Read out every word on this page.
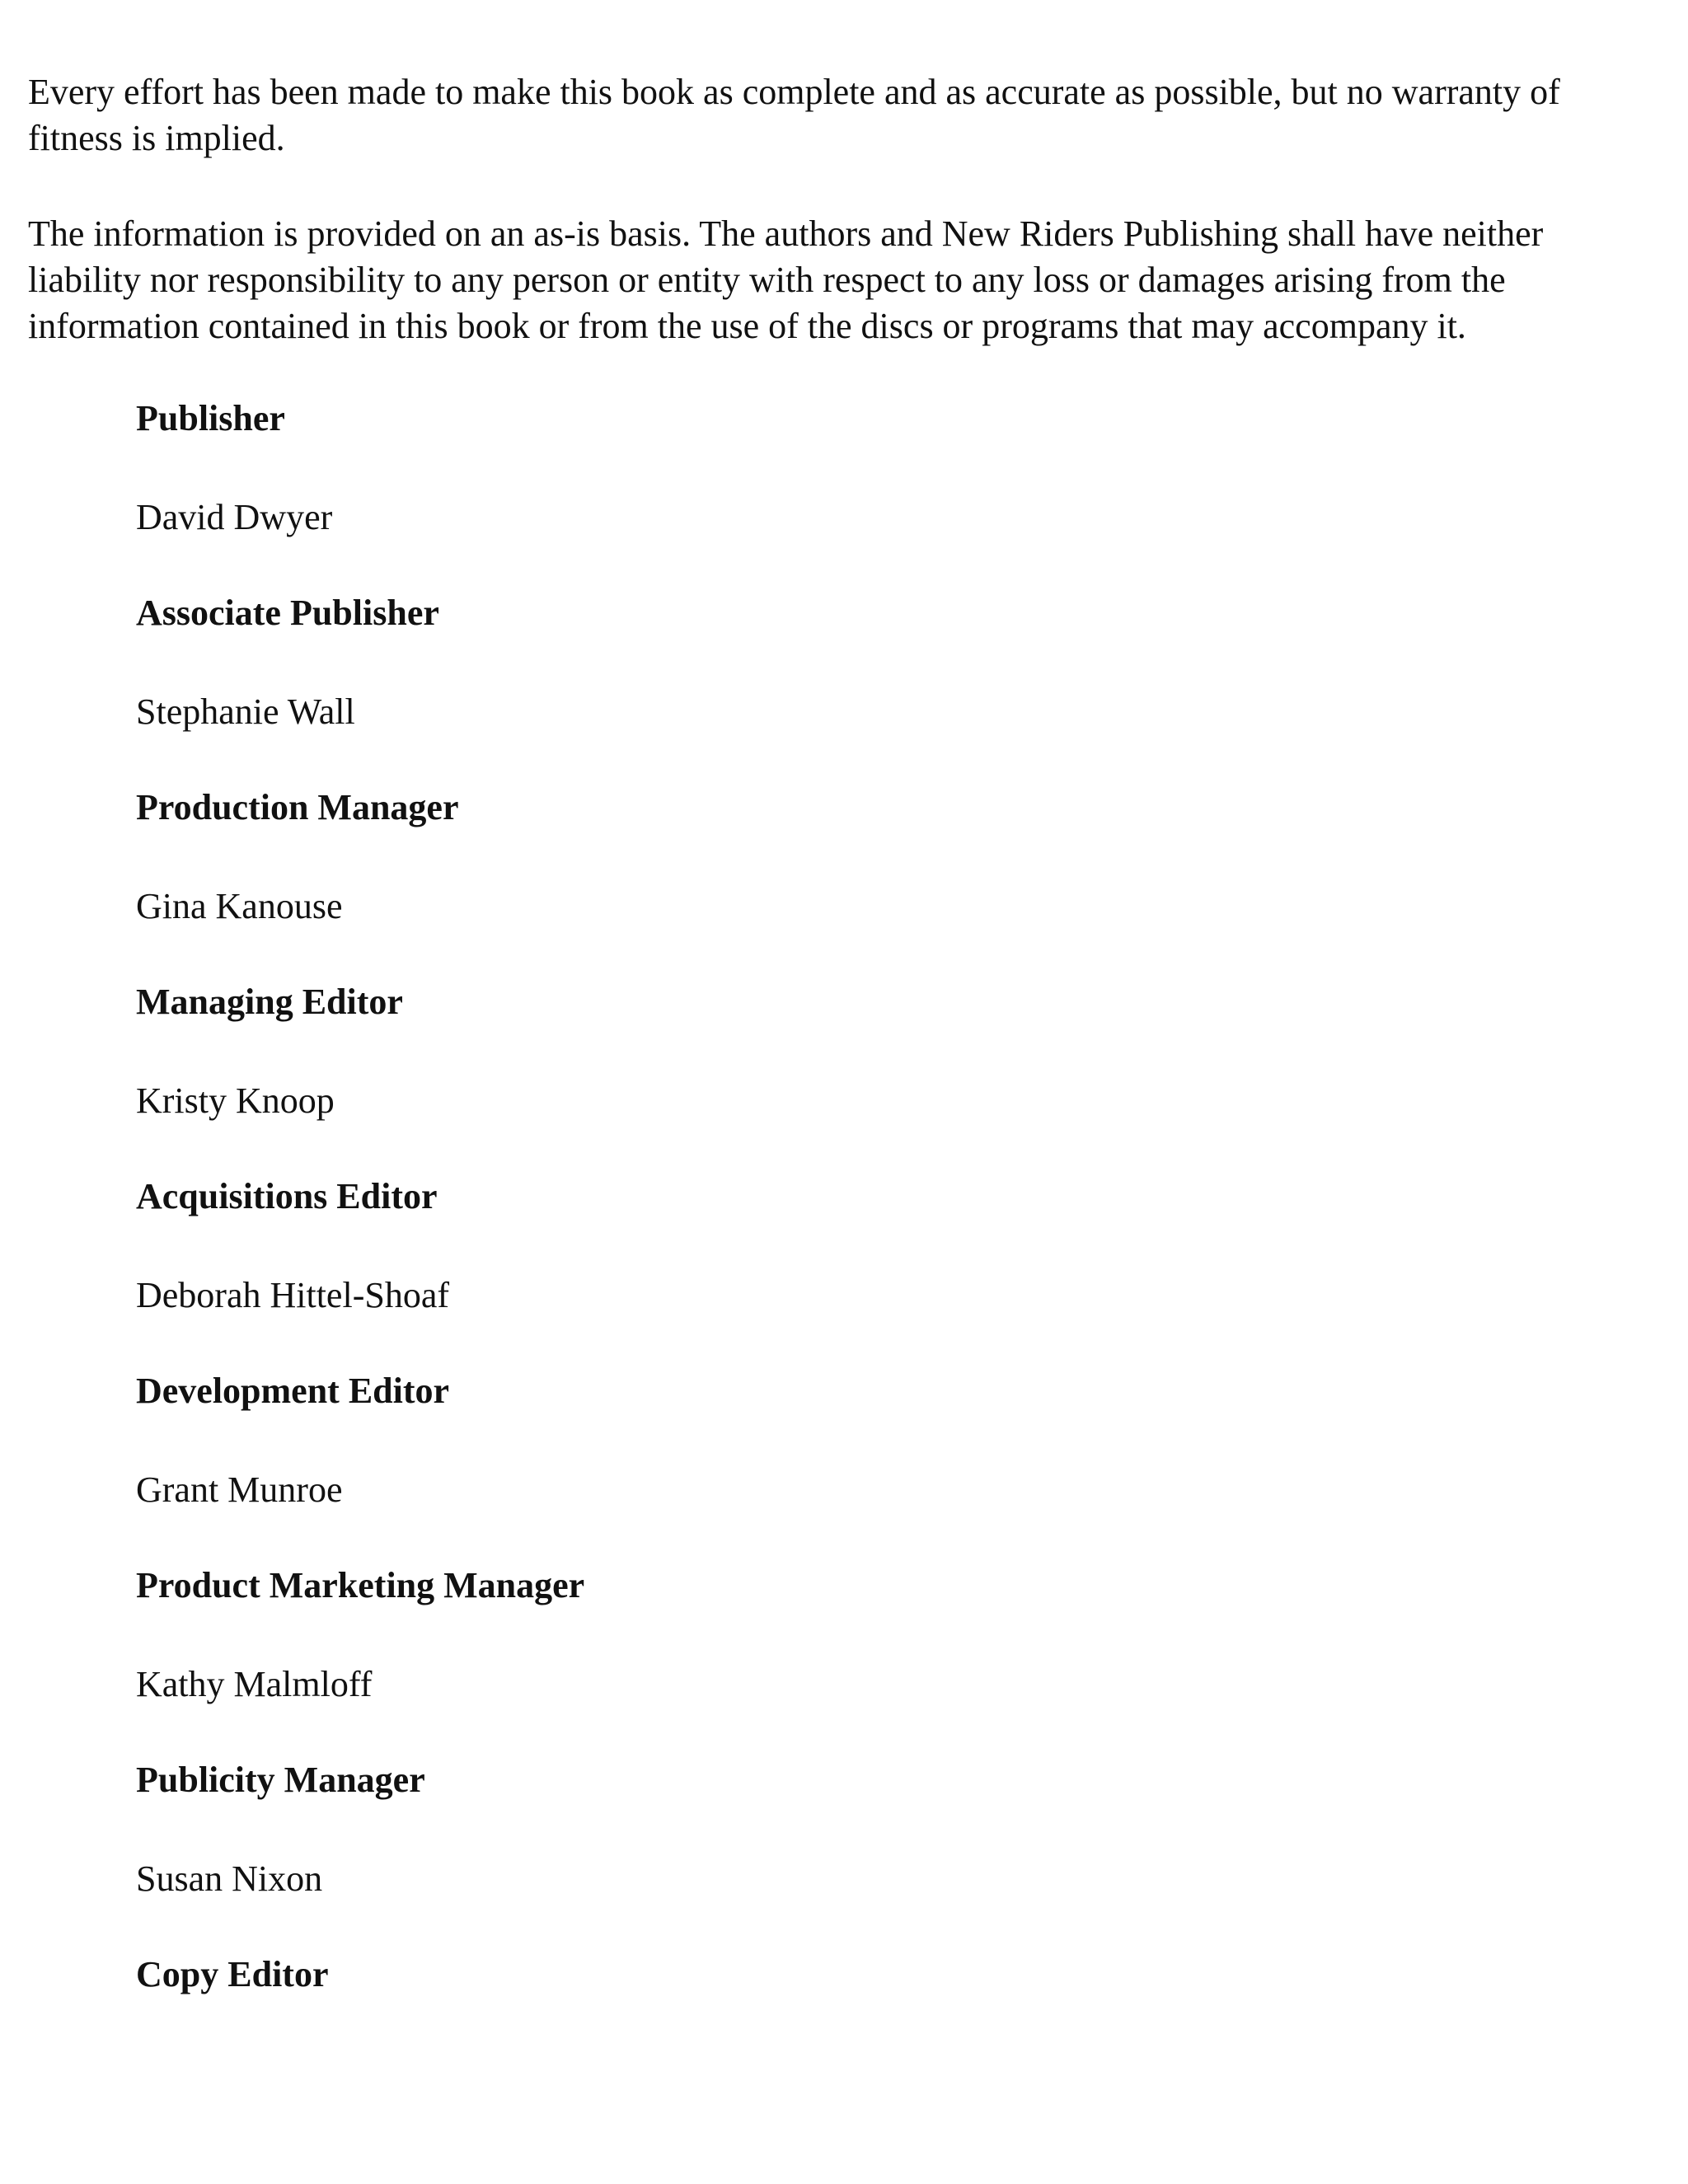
Every effort has been made to make this book as complete and as accurate as possible, but no warranty of fitness is implied.

The information is provided on an as-is basis. The authors and New Riders Publishing shall have neither liability nor responsibility to any person or entity with respect to any loss or damages arising from the information contained in this book or from the use of the discs or programs that may accompany it.

Publisher
David Dwyer
Associate Publisher
Stephanie Wall
Production Manager
Gina Kanouse
Managing Editor
Kristy Knoop
Acquisitions Editor
Deborah Hittel-Shoaf
Development Editor
Grant Munroe
Product Marketing Manager
Kathy Malmloff
Publicity Manager
Susan Nixon
Copy Editor
